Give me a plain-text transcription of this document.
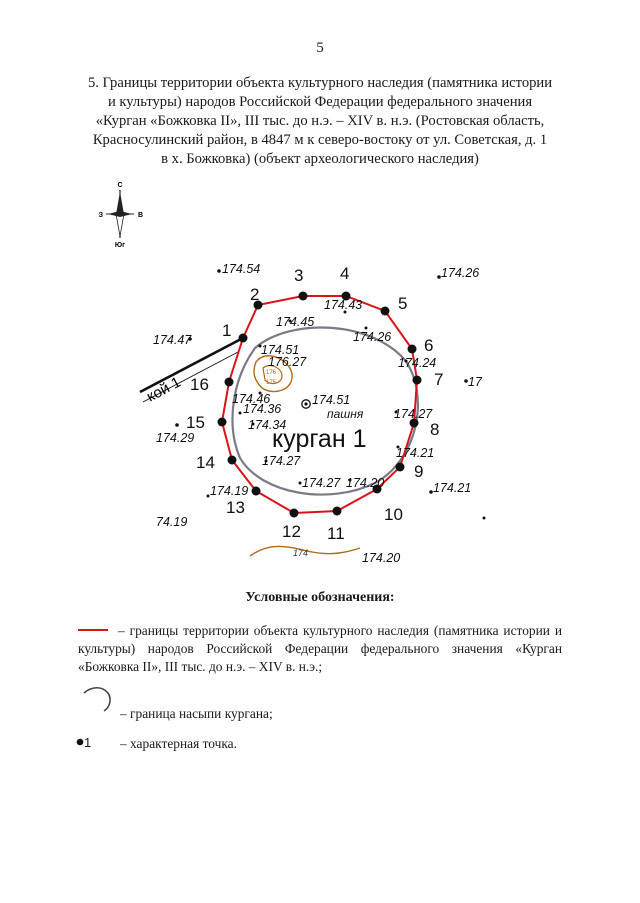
5
5. Границы территории объекта культурного наследия (памятника истории
и культуры) народов Российской Федерации федерального значения
«Курган «Божковка II», III тыс. до н.э. – XIV в. н.э. (Ростовская область,
Красносулинский район, в 4847 м к северо-востоку от ул. Советская, д. 1
в х. Божковка) (объект археологического наследия)
С
Юг
З	В
кой 1	175
176
174
1
2
3 4
5
6
7
8
9
10
11
12
13
14
15
16
174.54	174.26
174.43
174.45
174.26
174.47
174.51
176.27	174.24
17
174.51
174.46
174.36
174.34
174.27
174.29
174.27
174.21
174.27 174.20
174.19	174.21
74.19
174.20
пашня
курган 1
Условные обозначения:
– границы территории объекта культурного наследия (памятника истории и культуры) народов Российской Федерации федерального значения «Курган «Божковка II», III тыс. до н.э. – XIV в. н.э.;
– граница насыпи кургана;
1	– характерная точка.
